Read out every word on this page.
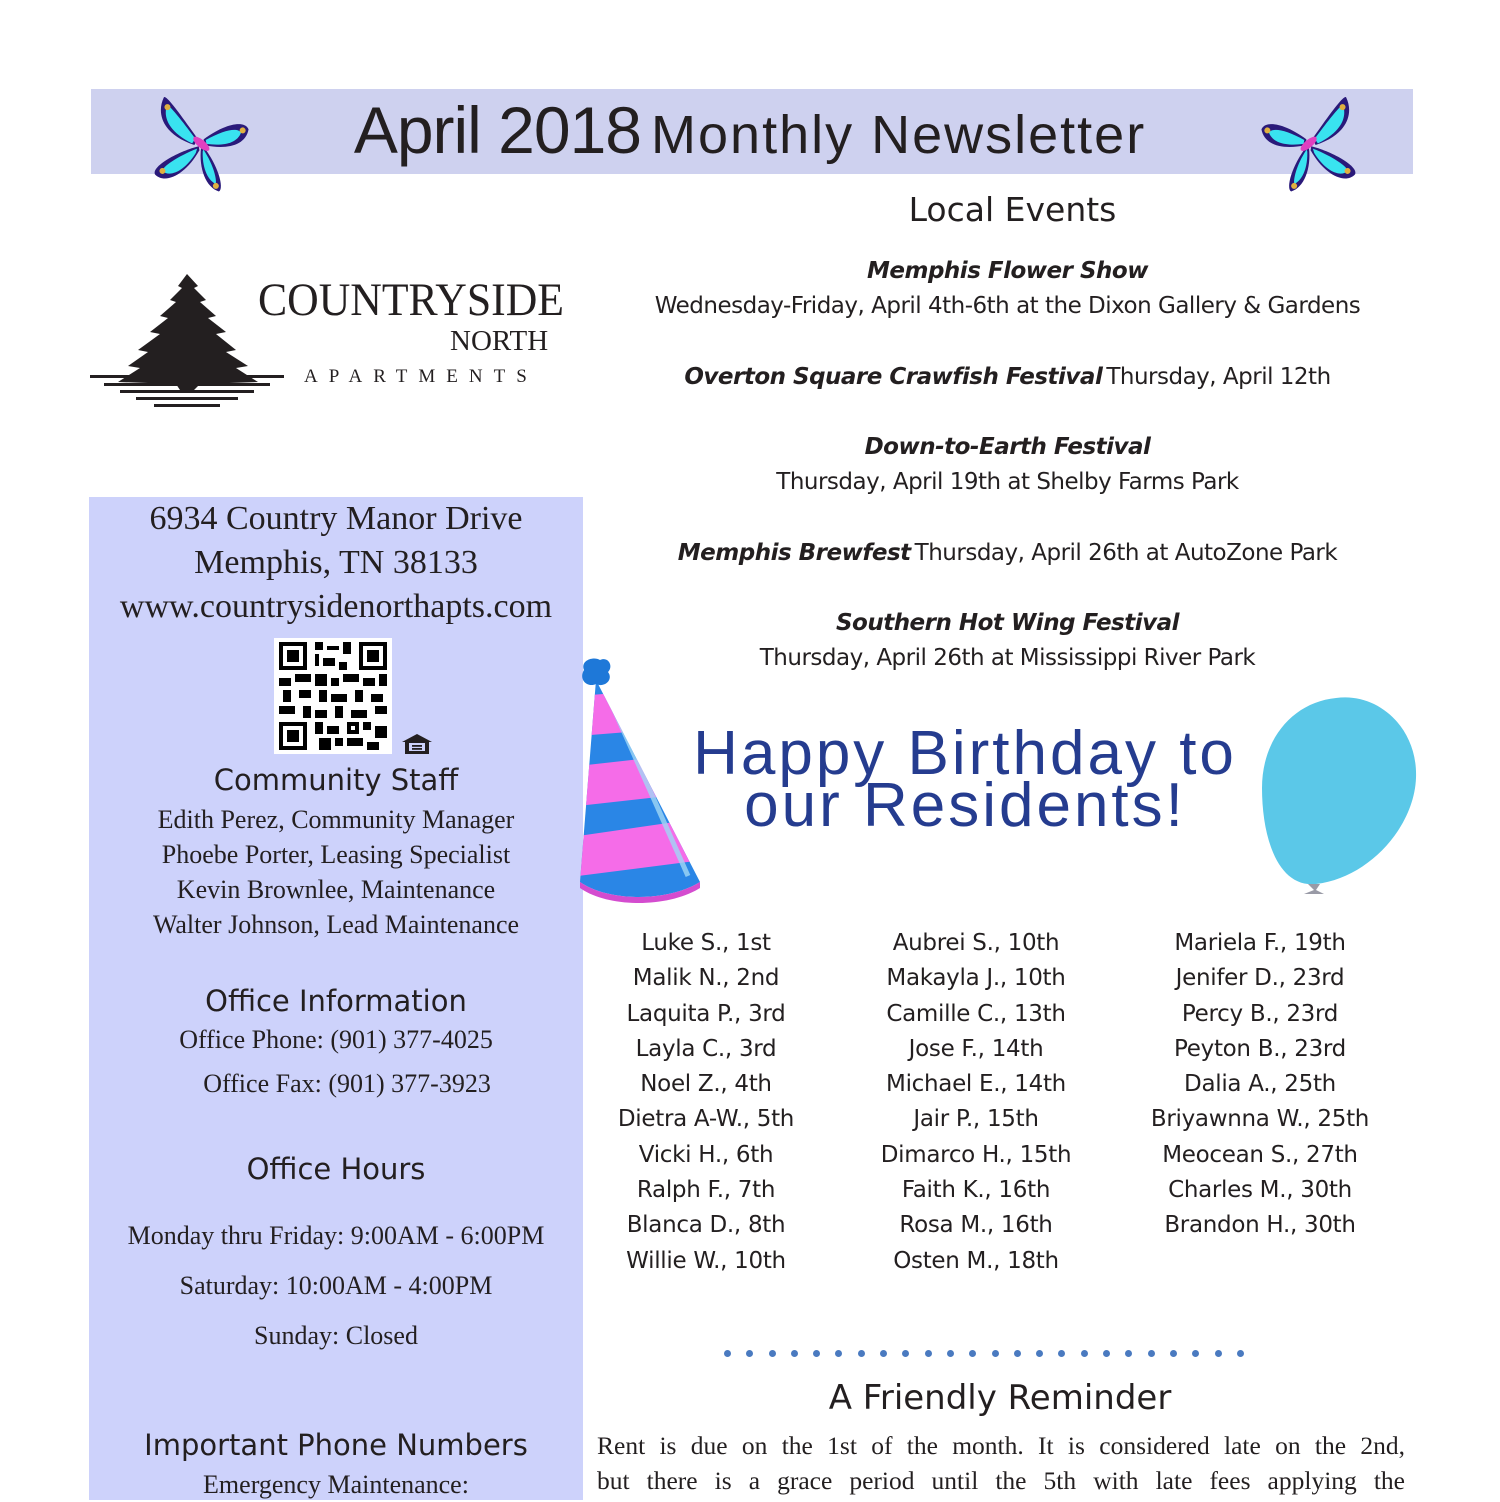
April 2018 Monthly Newsletter
COUNTRYSIDE
NORTH
APARTMENTS
6934 Country Manor Drive
Memphis, TN 38133
www.countrysidenorthapts.com
Community Staff
Edith Perez, Community Manager
Phoebe Porter, Leasing Specialist
Kevin Brownlee, Maintenance
Walter Johnson, Lead Maintenance
Office Information
Office Phone: (901) 377-4025
Office Fax: (901) 377-3923
Office Hours
Monday thru Friday: 9:00AM - 6:00PM
Saturday: 10:00AM - 4:00PM
Sunday: Closed
Important Phone Numbers
Emergency Maintenance:
Local Events
Memphis Flower Show
Wednesday-Friday, April 4th-6th at the Dixon Gallery & Gardens
Overton Square Crawfish Festival Thursday, April 12th
Down-to-Earth Festival
Thursday, April 19th at Shelby Farms Park
Memphis Brewfest Thursday, April 26th at AutoZone Park
Southern Hot Wing Festival
Thursday, April 26th at Mississippi River Park
Happy Birthday to
our Residents!
Luke S., 1st
Malik N., 2nd
Laquita P., 3rd
Layla C., 3rd
Noel Z., 4th
Dietra A-W., 5th
Vicki H., 6th
Ralph F., 7th
Blanca D., 8th
Willie W., 10th
Aubrei S., 10th
Makayla J., 10th
Camille C., 13th
Jose F., 14th
Michael E., 14th
Jair P., 15th
Dimarco H., 15th
Faith K., 16th
Rosa M., 16th
Osten M., 18th
Mariela F., 19th
Jenifer D., 23rd
Percy B., 23rd
Peyton B., 23rd
Dalia A., 25th
Briyawnna W., 25th
Meocean S., 27th
Charles M., 30th
Brandon H., 30th
A Friendly Reminder
Rent is due on the 1st of the month. It is considered late on the 2nd,
but there is a grace period until the 5th with late fees applying the
